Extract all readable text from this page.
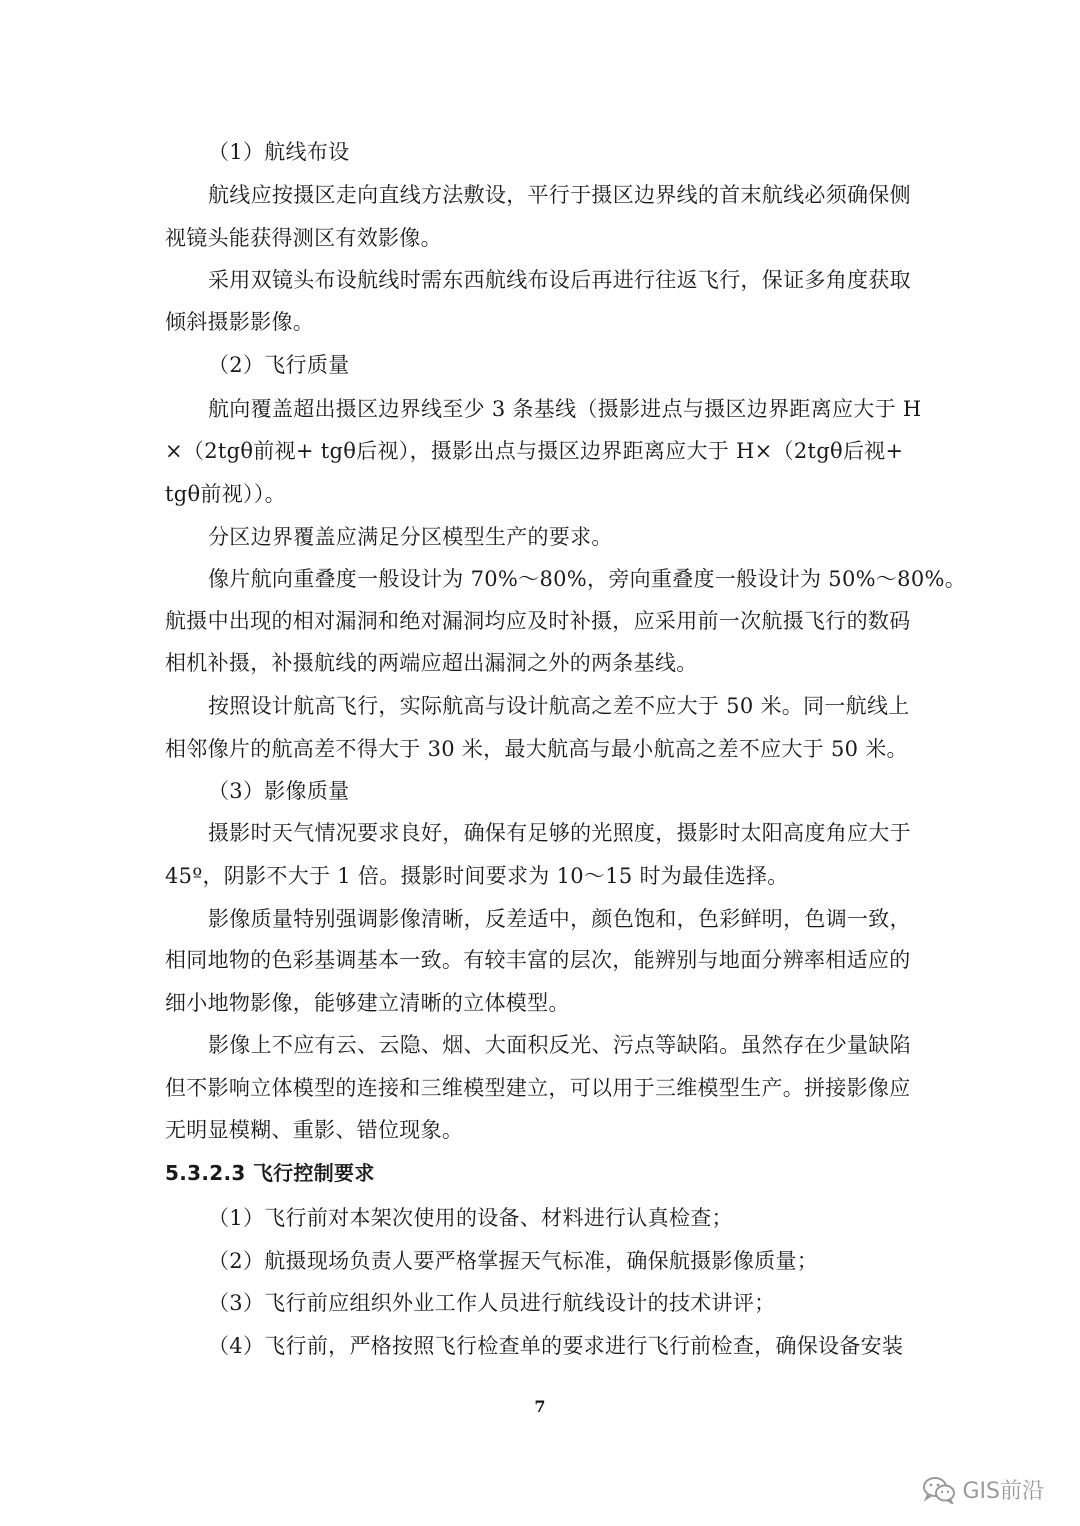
（1）航线布设
航线应按摄区走向直线方法敷设，平行于摄区边界线的首末航线必须确保侧
视镜头能获得测区有效影像。
采用双镜头布设航线时需东西航线布设后再进行往返飞行，保证多角度获取
倾斜摄影影像。
（2）飞行质量
航向覆盖超出摄区边界线至少 3 条基线（摄影进点与摄区边界距离应大于 H
×（2tgθ前视+ tgθ后视），摄影出点与摄区边界距离应大于 H×（2tgθ后视+
tgθ前视））。
分区边界覆盖应满足分区模型生产的要求。
像片航向重叠度一般设计为 70%～80%，旁向重叠度一般设计为 50%～80%。
航摄中出现的相对漏洞和绝对漏洞均应及时补摄，应采用前一次航摄飞行的数码
相机补摄，补摄航线的两端应超出漏洞之外的两条基线。
按照设计航高飞行，实际航高与设计航高之差不应大于 50 米。同一航线上
相邻像片的航高差不得大于 30 米，最大航高与最小航高之差不应大于 50 米。
（3）影像质量
摄影时天气情况要求良好，确保有足够的光照度，摄影时太阳高度角应大于
45º，阴影不大于 1 倍。摄影时间要求为 10～15 时为最佳选择。
影像质量特别强调影像清晰，反差适中，颜色饱和，色彩鲜明，色调一致，
相同地物的色彩基调基本一致。有较丰富的层次，能辨别与地面分辨率相适应的
细小地物影像，能够建立清晰的立体模型。
影像上不应有云、云隐、烟、大面积反光、污点等缺陷。虽然存在少量缺陷
但不影响立体模型的连接和三维模型建立，可以用于三维模型生产。拼接影像应
无明显模糊、重影、错位现象。
5.3.2.3 飞行控制要求
（1）飞行前对本架次使用的设备、材料进行认真检查；
（2）航摄现场负责人要严格掌握天气标准，确保航摄影像质量；
（3）飞行前应组织外业工作人员进行航线设计的技术讲评；
（4）飞行前，严格按照飞行检查单的要求进行飞行前检查，确保设备安装
7
GIS前沿
